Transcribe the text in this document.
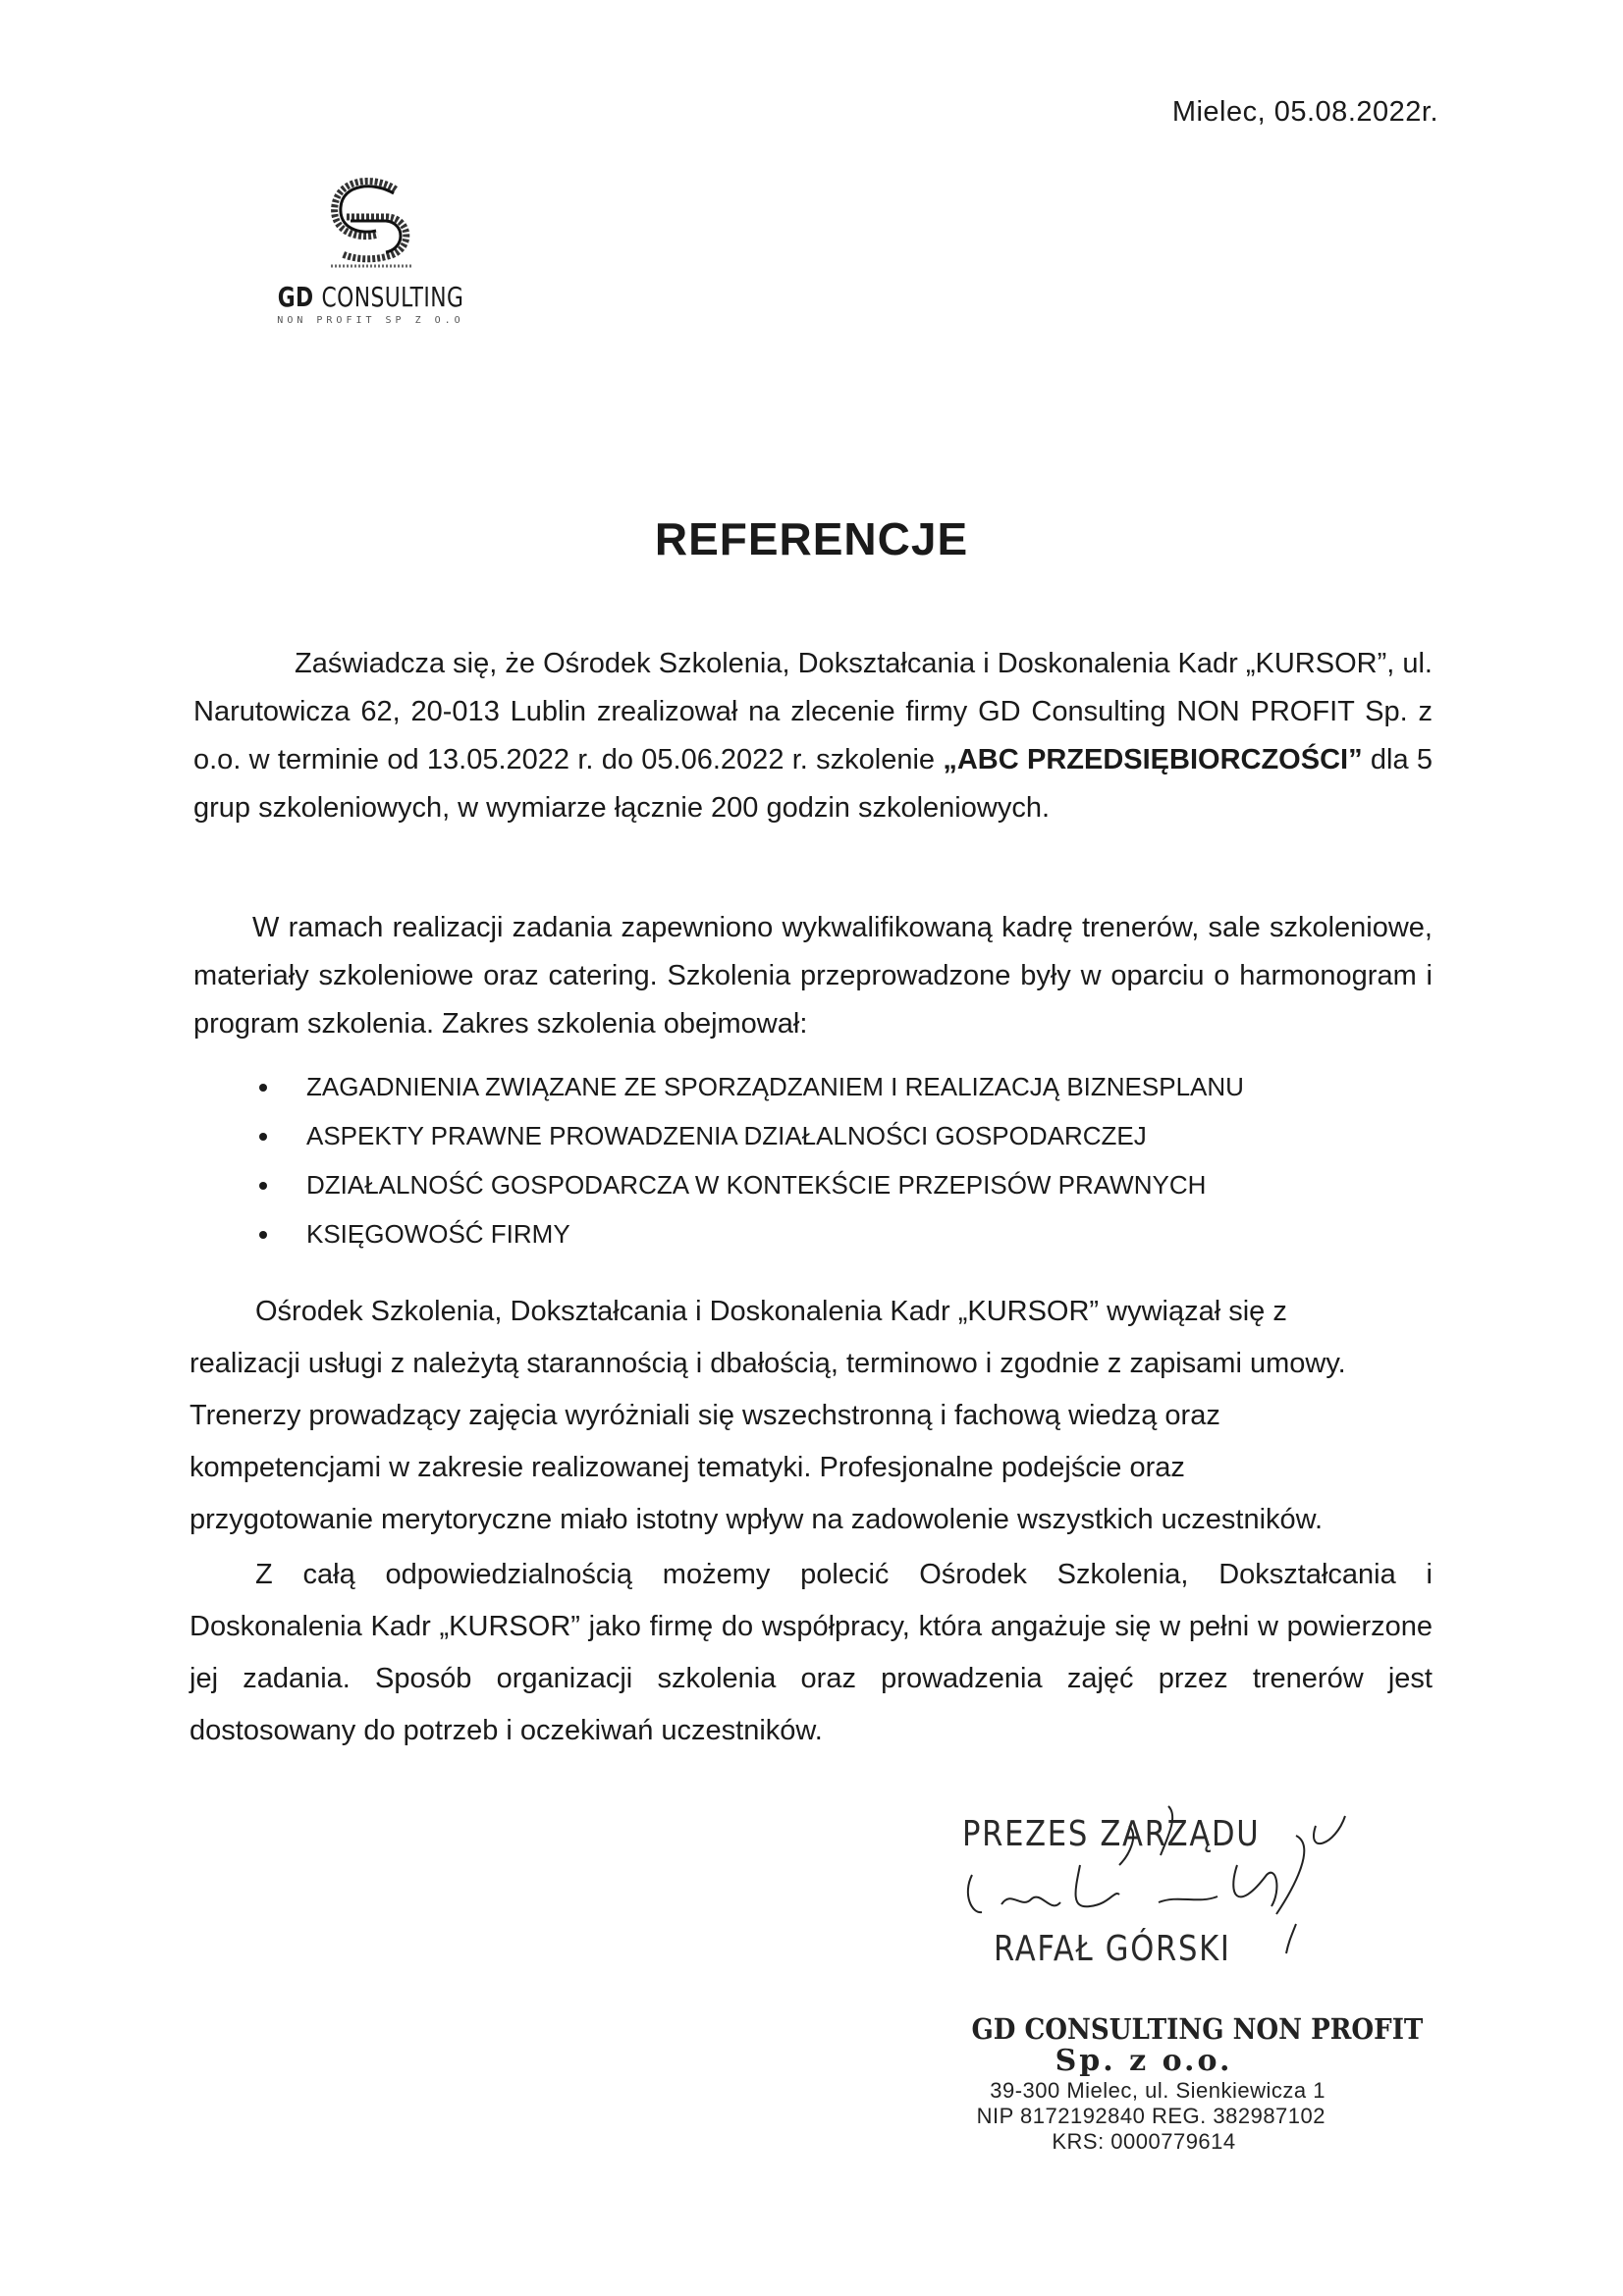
Mielec, 05.08.2022r.
GD CONSULTING
NON PROFIT SP Z O.O
REFERENCJE
Zaświadcza się, że Ośrodek Szkolenia, Dokształcania i Doskonalenia Kadr „KURSOR”, ul. Narutowicza 62, 20-013 Lublin zrealizował na zlecenie firmy GD Consulting NON PROFIT Sp. z o.o. w terminie od 13.05.2022 r. do 05.06.2022 r. szkolenie „ABC PRZEDSIĘBIORCZOŚCI” dla 5 grup szkoleniowych, w wymiarze łącznie 200 godzin szkoleniowych.
W ramach realizacji zadania zapewniono wykwalifikowaną kadrę trenerów, sale szkoleniowe, materiały szkoleniowe oraz catering. Szkolenia przeprowadzone były w oparciu o harmonogram i program szkolenia. Zakres szkolenia obejmował:
ZAGADNIENIA ZWIĄZANE ZE SPORZĄDZANIEM I REALIZACJĄ BIZNESPLANU
ASPEKTY PRAWNE PROWADZENIA DZIAŁALNOŚCI GOSPODARCZEJ
DZIAŁALNOŚĆ GOSPODARCZA W KONTEKŚCIE PRZEPISÓW PRAWNYCH
KSIĘGOWOŚĆ FIRMY
Ośrodek Szkolenia, Dokształcania i Doskonalenia Kadr „KURSOR” wywiązał się z
realizacji usługi z należytą starannością i dbałością, terminowo i zgodnie z zapisami umowy.
Trenerzy prowadzący zajęcia wyróżniali się wszechstronną i fachową wiedzą oraz
kompetencjami w zakresie realizowanej tematyki. Profesjonalne podejście oraz
przygotowanie merytoryczne miało istotny wpływ na zadowolenie wszystkich uczestników.
Z całą odpowiedzialnością możemy polecić Ośrodek Szkolenia, Dokształcania i Doskonalenia Kadr „KURSOR” jako firmę do współpracy, która angażuje się w pełni w powierzone jej zadania. Sposób organizacji szkolenia oraz prowadzenia zajęć przez trenerów jest dostosowany do potrzeb i oczekiwań uczestników.
PREZES ZARZĄDU
RAFAŁ GÓRSKI
GD CONSULTING NON PROFIT
Sp. z o.o.
39-300 Mielec, ul. Sienkiewicza 1
NIP 8172192840 REG. 382987102
KRS: 0000779614
